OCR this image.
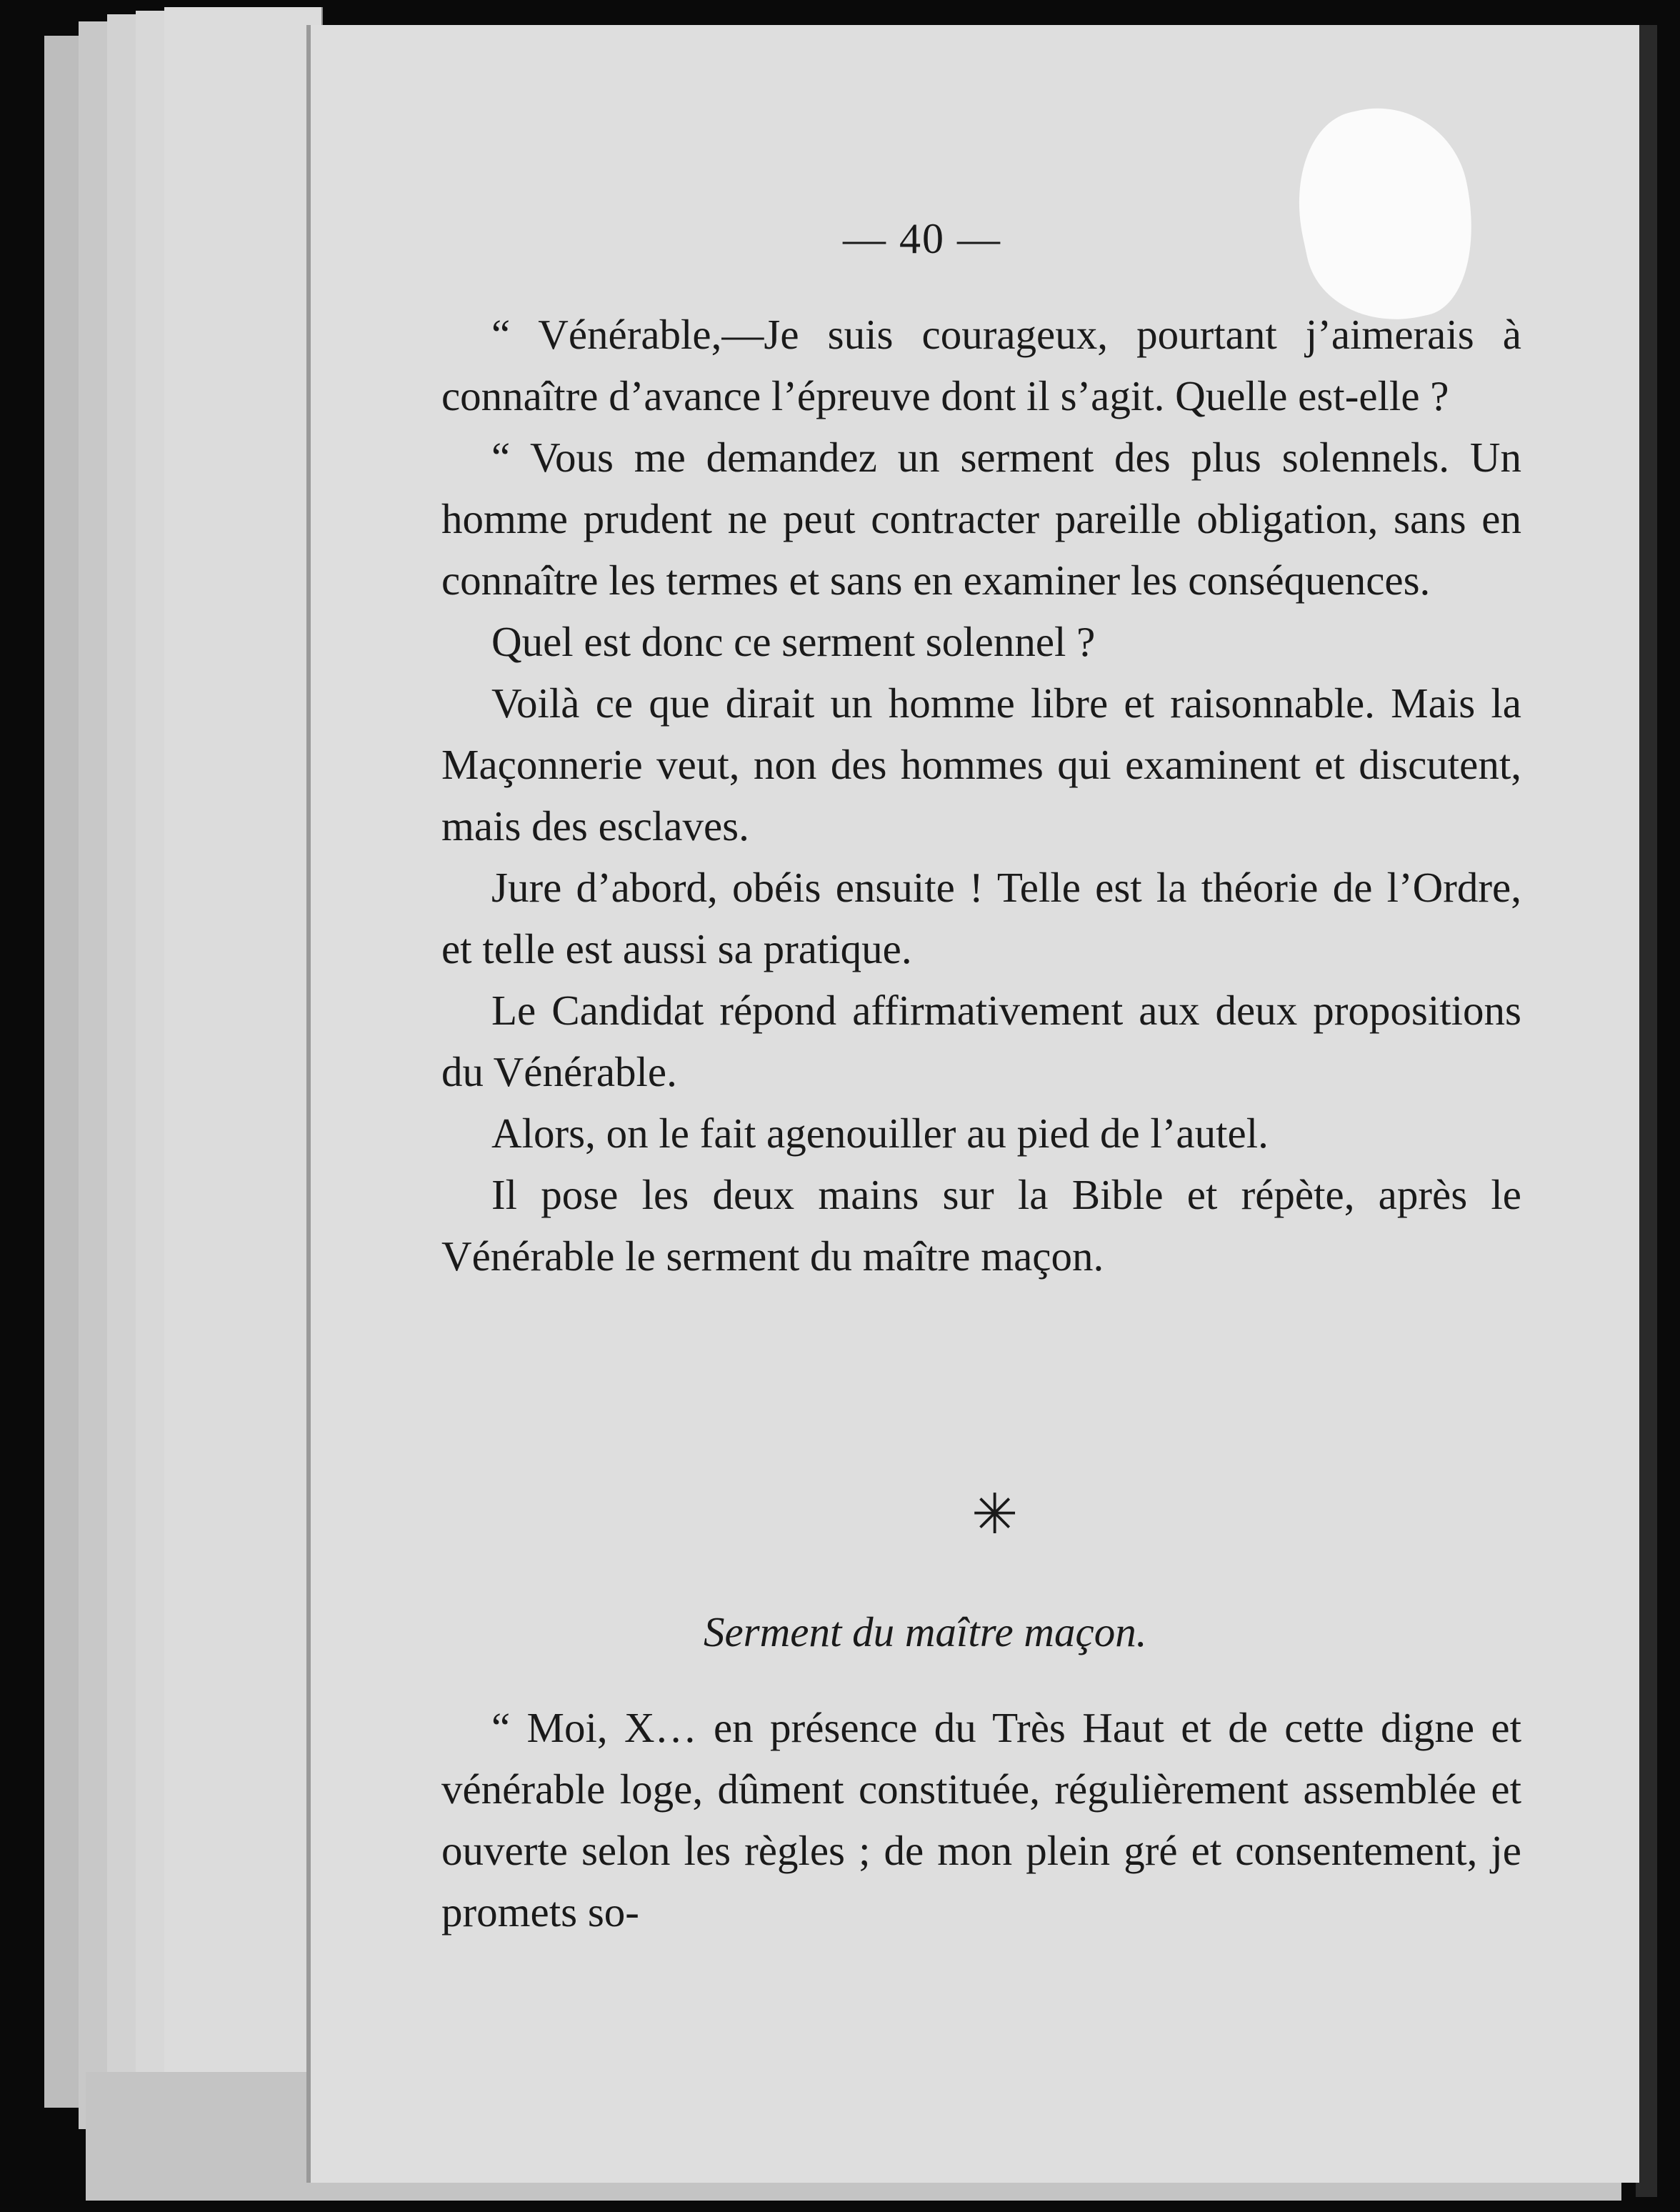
— 40 —

“ Vénérable,—Je suis courageux, pourtant j’aimerais à connaître d’avance l’épreuve dont il s’agit. Quelle est-elle ?

“ Vous me demandez un serment des plus solennels. Un homme prudent ne peut contracter pareille obligation, sans en connaître les termes et sans en examiner les conséquences.

Quel est donc ce serment solennel ?

Voilà ce que dirait un homme libre et raisonnable. Mais la Maçonnerie veut, non des hommes qui examinent et discutent, mais des esclaves.

Jure d’abord, obéis ensuite ! Telle est la théorie de l’Ordre, et telle est aussi sa pratique.

Le Candidat répond affirmativement aux deux propositions du Vénérable.

Alors, on le fait agenouiller au pied de l’autel.

Il pose les deux mains sur la Bible et répète, après le Vénérable le serment du maître maçon.

✳
Serment du maître maçon.

“ Moi, X… en présence du Très Haut et de cette digne et vénérable loge, dûment constituée, régulièrement assemblée et ouverte selon les règles ; de mon plein gré et consentement, je promets so-
